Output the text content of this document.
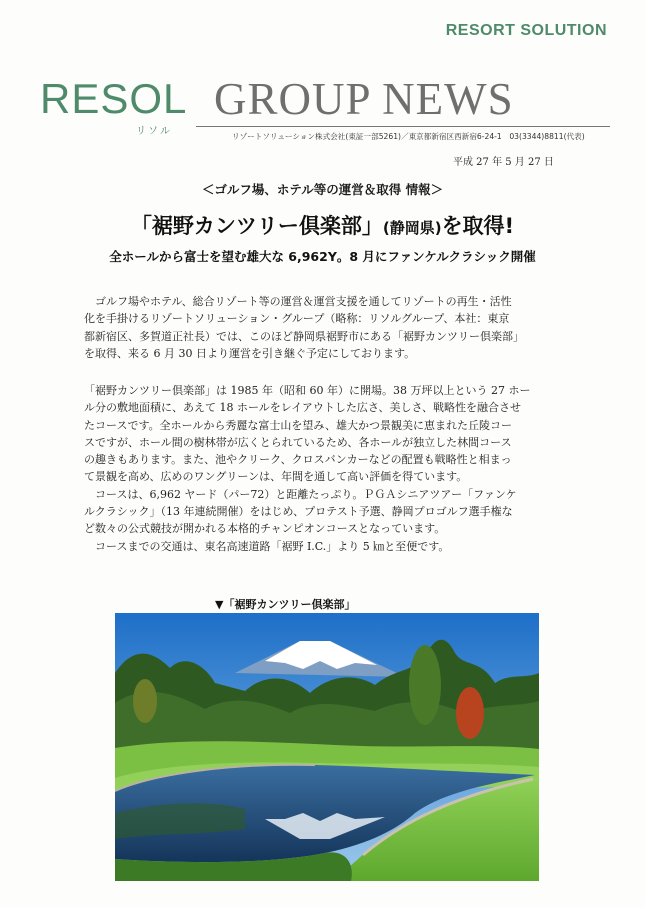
RESORT SOLUTION
RESOL
リソル
GROUP NEWS
リゾートソリューション株式会社(東証一部5261)／東京都新宿区西新宿6-24-1　03(3344)8811(代表)
平成 27 年 5 月 27 日
＜ゴルフ場、ホテル等の運営＆取得 情報＞
「裾野カンツリー倶楽部」(静岡県)を取得!
全ホールから富士を望む雄大な 6,962Y。8 月にファンケルクラシック開催

　ゴルフ場やホテル、総合リゾート等の運営＆運営支援を通してリゾートの再生・活性

化を手掛けるリゾートソリューション・グループ（略称：リソルグループ、本社：東京

都新宿区、多賀道正社長）では、このほど静岡県裾野市にある「裾野カンツリー倶楽部」

を取得、来る 6 月 30 日より運営を引き継ぐ予定にしております。

「裾野カンツリー倶楽部」は 1985 年（昭和 60 年）に開場。38 万坪以上という 27 ホー

ル分の敷地面積に、あえて 18 ホールをレイアウトした広さ、美しさ、戦略性を融合させ

たコースです。全ホールから秀麗な富士山を望み、雄大かつ景観美に恵まれた丘陵コー

スですが、ホール間の樹林帯が広くとられているため、各ホールが独立した林間コース

の趣きもあります。また、池やクリーク、クロスバンカーなどの配置も戦略性と相まっ

て景観を高め、広めのワングリーンは、年間を通して高い評価を得ています。

　コースは、6,962 ヤード（パー72）と距離たっぷり。ＰＧＡシニアツアー「ファンケ

ルクラシック」（13 年連続開催）をはじめ、プロテスト予選、静岡プロゴルフ選手権な

ど数々の公式競技が開かれる本格的チャンピオンコースとなっています。

　コースまでの交通は、東名高速道路「裾野 I.C.」より 5 ㎞と至便です。

▼「裾野カンツリー倶楽部」
